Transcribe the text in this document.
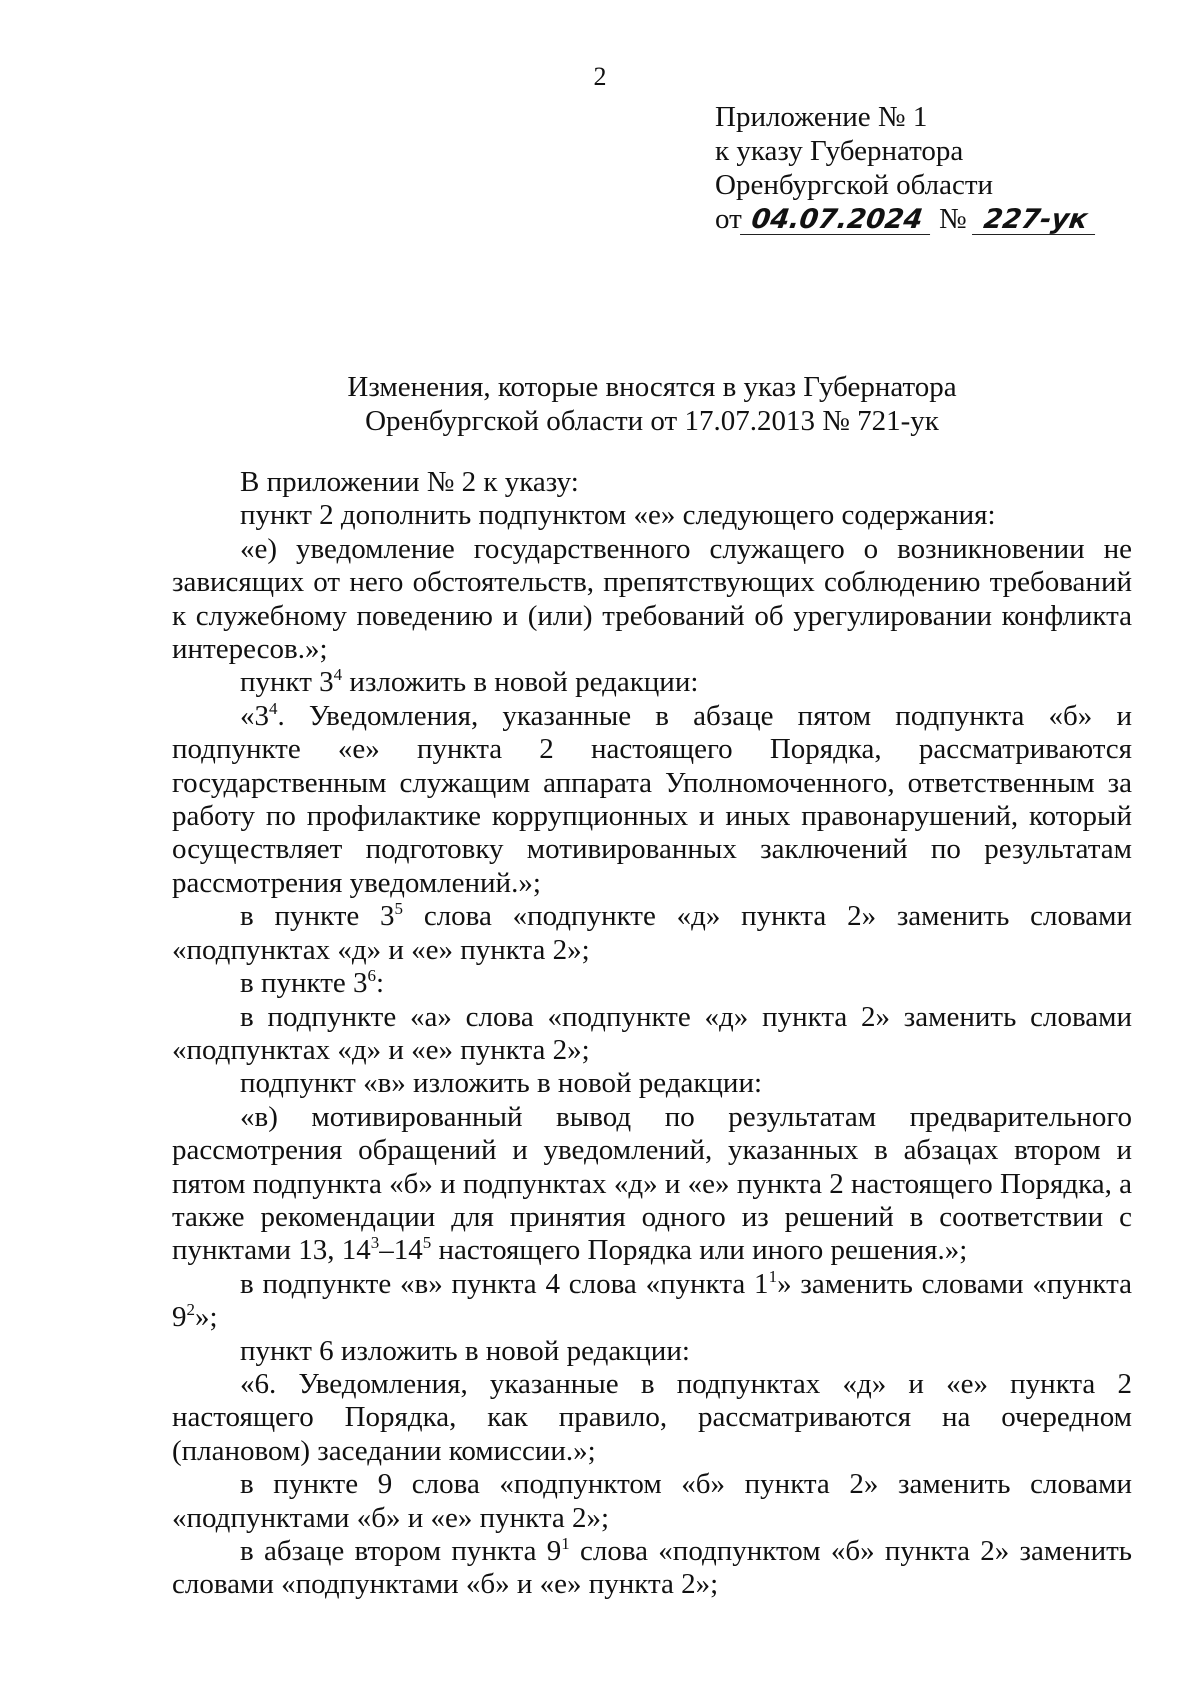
2
Приложение № 1
к указу Губернатора
Оренбургской области
от 04.07.2024 № 227-ук
Изменения, которые вносятся в указ Губернатора
Оренбургской области от 17.07.2013 № 721-ук

В приложении № 2 к указу:

пункт 2 дополнить подпунктом «е» следующего содержания:

«е) уведомление государственного служащего о возникновении не зависящих от него обстоятельств, препятствующих соблюдению требований к служебному поведению и (или) требований об урегулировании конфликта интересов.»;

пункт $3^4$ изложить в новой редакции:

«$3^4$. Уведомления, указанные в абзаце пятом подпункта «б» и подпункте «е» пункта 2 настоящего Порядка, рассматриваются государственным служащим аппарата Уполномоченного, ответственным за работу по профилактике коррупционных и иных правонарушений, который осуществляет подготовку мотивированных заключений по результатам рассмотрения уведомлений.»;

в пункте $3^5$ слова «подпункте «д» пункта 2» заменить словами «подпунктах «д» и «е» пункта 2»;

в пункте $3^6$:

в подпункте «а» слова «подпункте «д» пункта 2» заменить словами «подпунктах «д» и «е» пункта 2»;

подпункт «в» изложить в новой редакции:

«в) мотивированный вывод по результатам предварительного рассмотрения обращений и уведомлений, указанных в абзацах втором и пятом подпункта «б» и подпунктах «д» и «е» пункта 2 настоящего Порядка, а также рекомендации для принятия одного из решений в соответствии с пунктами 13, $14^3-14^5$ настоящего Порядка или иного решения.»;

в подпункте «в» пункта 4 слова «пункта $1^1$» заменить словами «пункта $9^2$»;

пункт 6 изложить в новой редакции:

«6. Уведомления, указанные в подпунктах «д» и «е» пункта 2 настоящего Порядка, как правило, рассматриваются на очередном (плановом) заседании комиссии.»;

в пункте 9 слова «подпунктом «б» пункта 2» заменить словами «подпунктами «б» и «е» пункта 2»;

в абзаце втором пункта $9^1$ слова «подпунктом «б» пункта 2» заменить словами «подпунктами «б» и «е» пункта 2»;
